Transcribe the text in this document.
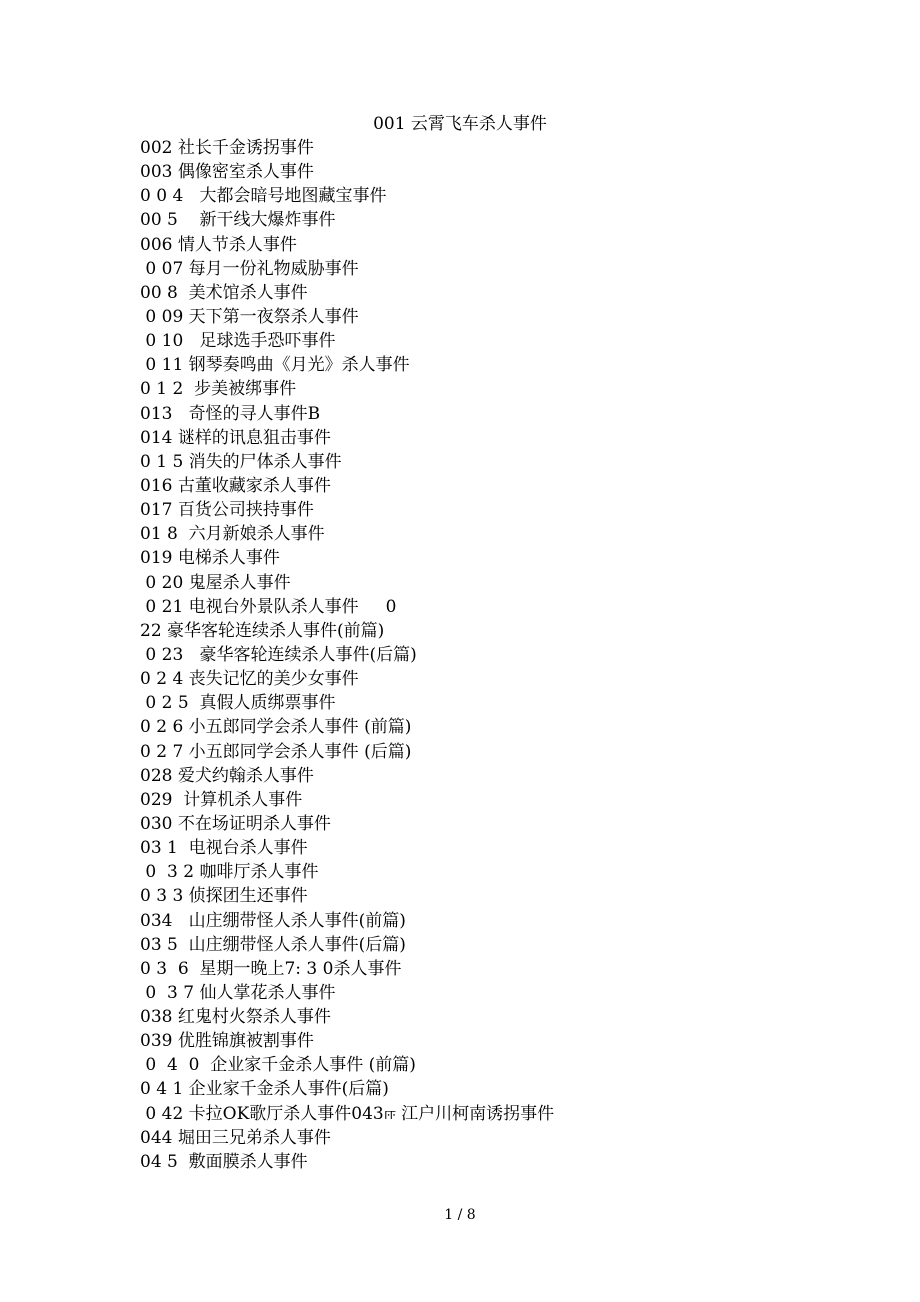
001 云霄飞车杀人事件
002 社长千金诱拐事件
003 偶像密室杀人事件
0 0 4   大都会暗号地图藏宝事件
00 5    新干线大爆炸事件
006 情人节杀人事件
0 07 每月一份礼物威胁事件
00 8  美术馆杀人事件
0 09 天下第一夜祭杀人事件
0 10   足球选手恐吓事件
0 11 钢琴奏鸣曲《月光》杀人事件
0 1 2  步美被绑事件
013   奇怪的寻人事件B
014 谜样的讯息狙击事件
0 1 5 消失的尸体杀人事件
016 古董收藏家杀人事件
017 百货公司挟持事件
01 8  六月新娘杀人事件
019 电梯杀人事件
0 20 鬼屋杀人事件
0 21 电视台外景队杀人事件     0
22 豪华客轮连续杀人事件(前篇)
0 23   豪华客轮连续杀人事件(后篇)
0 2 4 丧失记忆的美少女事件
0 2 5  真假人质绑票事件
0 2 6 小五郎同学会杀人事件 (前篇)
0 2 7 小五郎同学会杀人事件 (后篇)
028 爱犬约翰杀人事件
029  计算机杀人事件
030 不在场证明杀人事件
03 1  电视台杀人事件
0  3 2 咖啡厅杀人事件
0 3 3 侦探团生还事件
034   山庄绷带怪人杀人事件(前篇)
03 5  山庄绷带怪人杀人事件(后篇)
0 3  6  星期一晚上7: 3 0杀人事件
0  3 7 仙人掌花杀人事件
038 红鬼村火祭杀人事件
039 优胜锦旗被割事件
0  4  0  企业家千金杀人事件 (前篇)
0 4 1 企业家千金杀人事件(后篇)
0 42 卡拉OK歌厅杀人事件043ஈ 江户川柯南诱拐事件
044 堀田三兄弟杀人事件
04 5  敷面膜杀人事件
1 / 8
